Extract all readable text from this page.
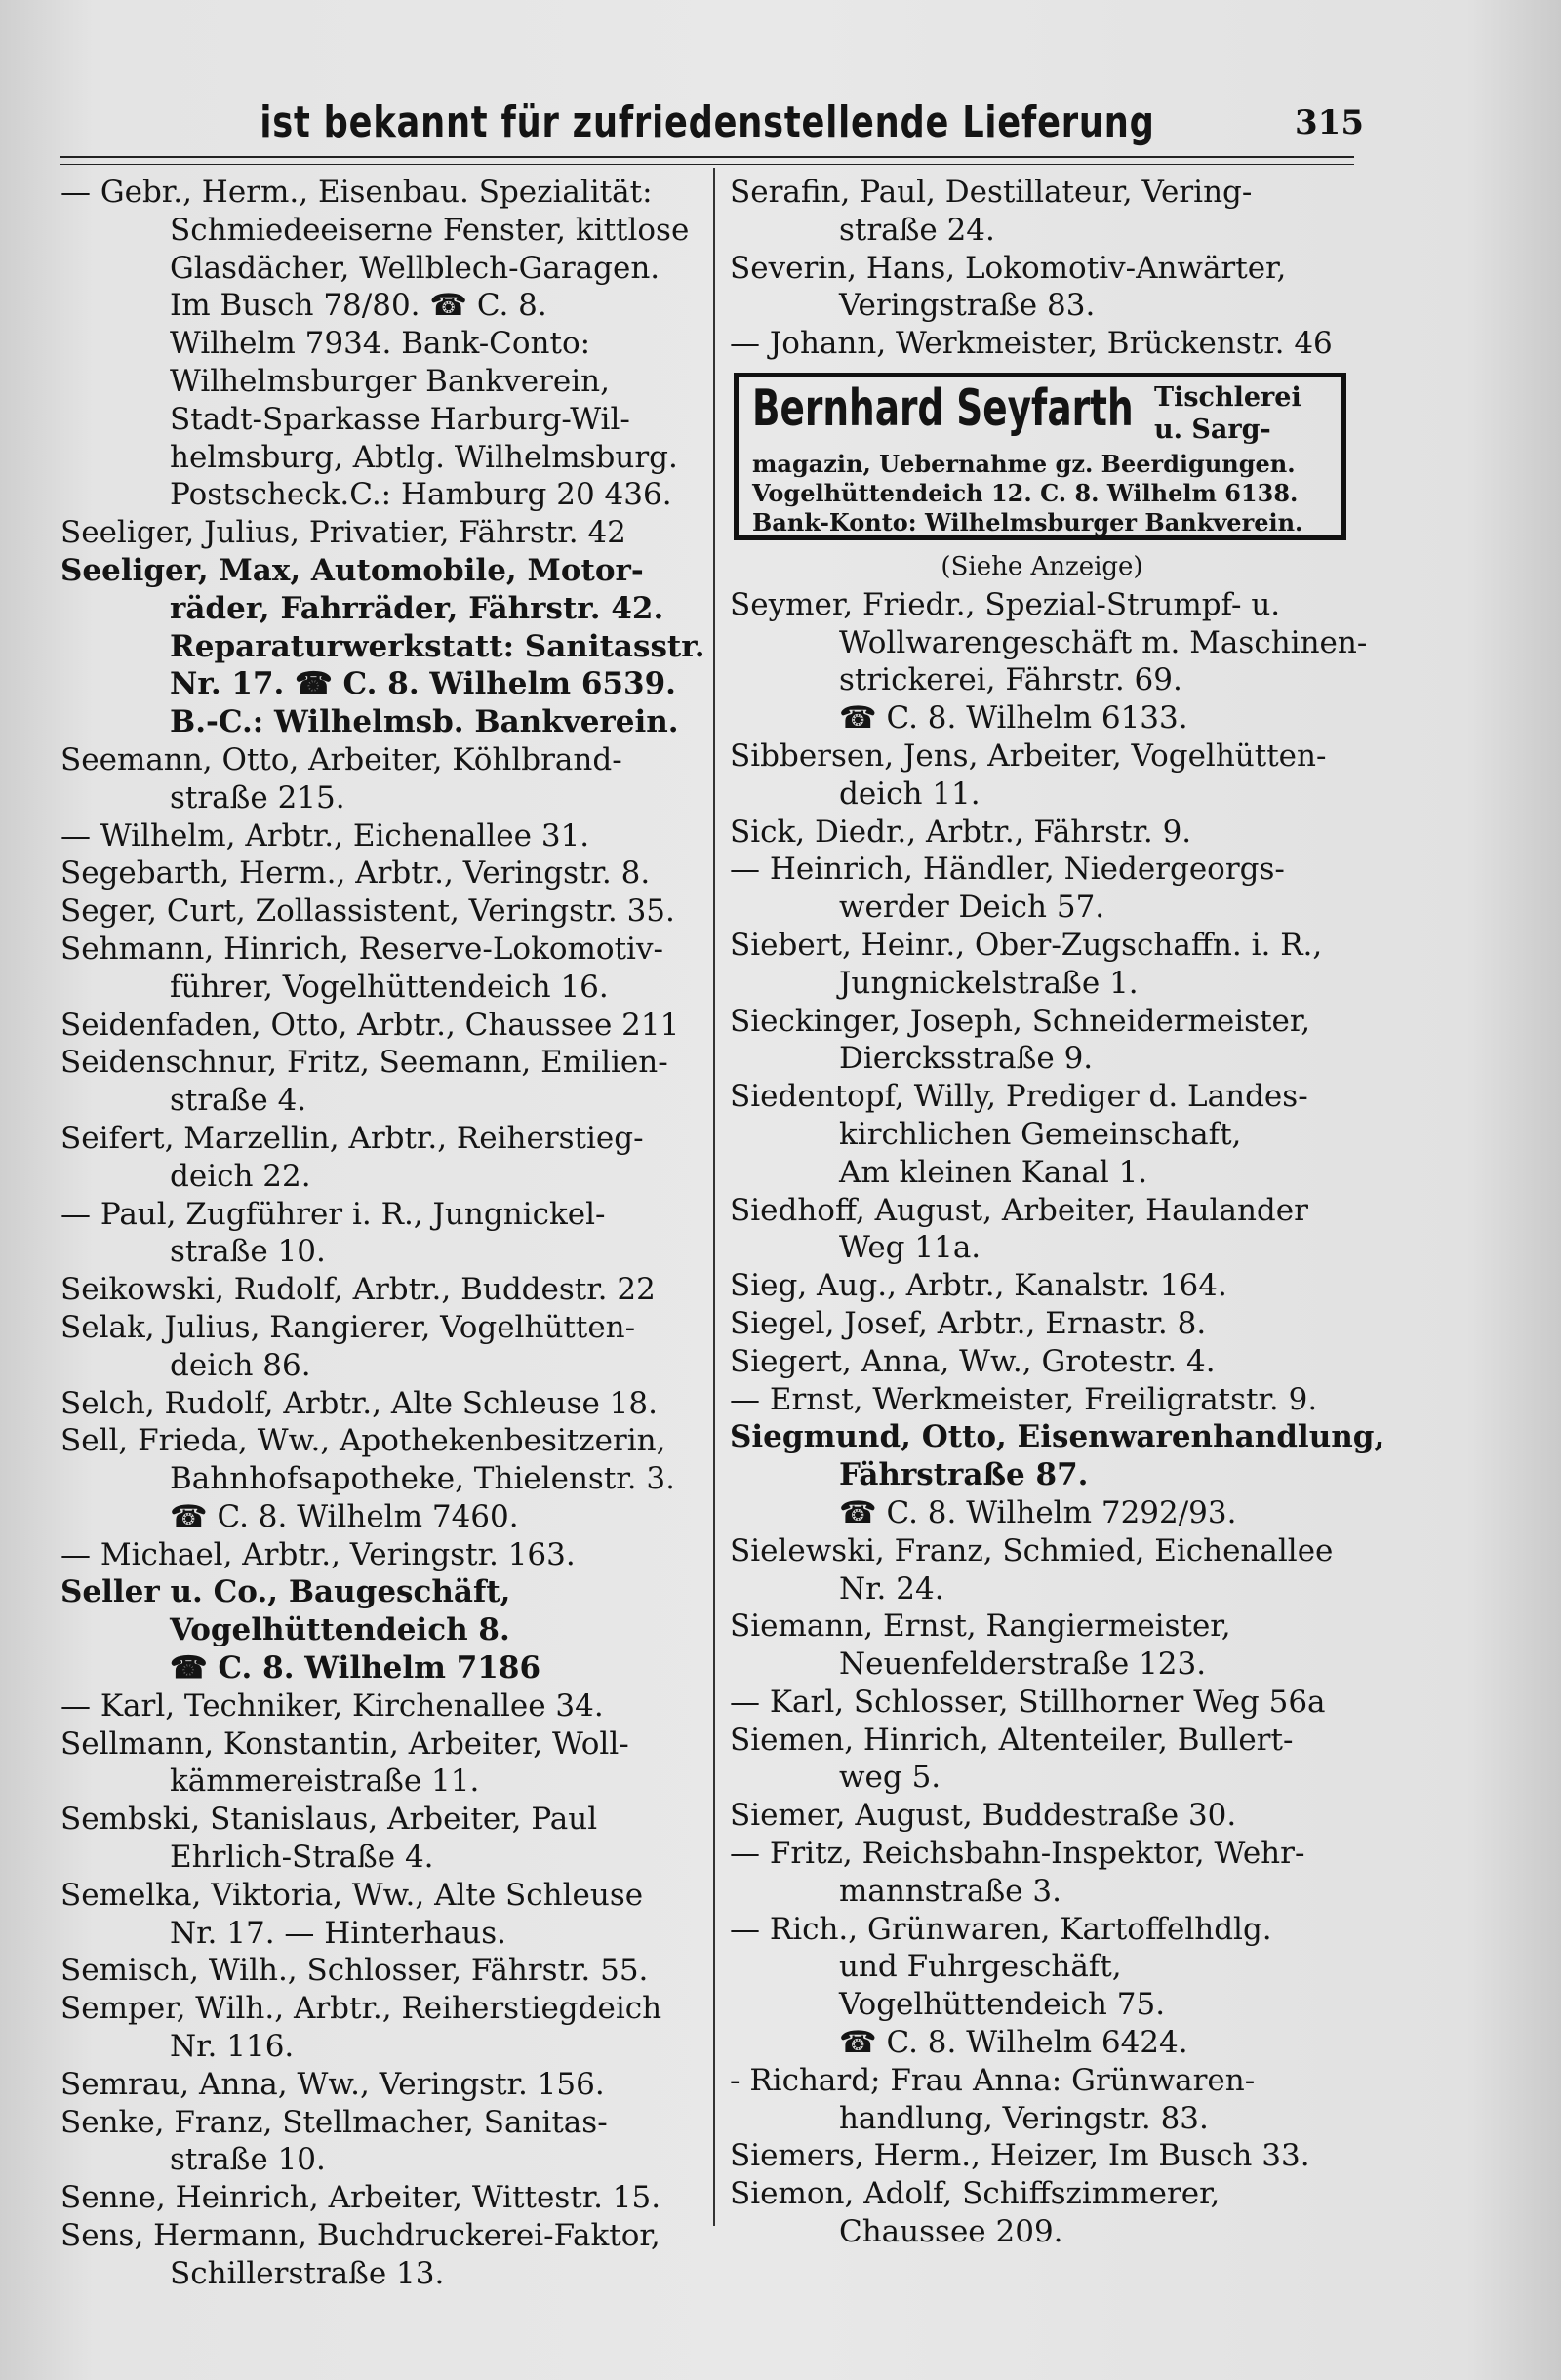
ist bekannt für zufriedenstellende Lieferung	315
— Gebr., Herm., Eisenbau. Spezialität:
Schmiedeeiserne Fenster, kittlose
Glasdächer, Wellblech-Garagen.
Im Busch 78/80. ☎ C. 8.
Wilhelm 7934. Bank-Conto:
Wilhelmsburger Bankverein,
Stadt-Sparkasse Harburg-Wil-
helmsburg, Abtlg. Wilhelmsburg.
Postscheck.C.: Hamburg 20 436.
Seeliger, Julius, Privatier, Fährstr. 42
Seeliger, Max, Automobile, Motor-
räder, Fahrräder, Fährstr. 42.
Reparaturwerkstatt: Sanitasstr.
Nr. 17. ☎ C. 8. Wilhelm 6539.
B.-C.: Wilhelmsb. Bankverein.
Seemann, Otto, Arbeiter, Köhlbrand-
straße 215.
— Wilhelm, Arbtr., Eichenallee 31.
Segebarth, Herm., Arbtr., Veringstr. 8.
Seger, Curt, Zollassistent, Veringstr. 35.
Sehmann, Hinrich, Reserve-Lokomotiv-
führer, Vogelhüttendeich 16.
Seidenfaden, Otto, Arbtr., Chaussee 211
Seidenschnur, Fritz, Seemann, Emilien-
straße 4.
Seifert, Marzellin, Arbtr., Reiherstieg-
deich 22.
— Paul, Zugführer i. R., Jungnickel-
straße 10.
Seikowski, Rudolf, Arbtr., Buddestr. 22
Selak, Julius, Rangierer, Vogelhütten-
deich 86.
Selch, Rudolf, Arbtr., Alte Schleuse 18.
Sell, Frieda, Ww., Apothekenbesitzerin,
Bahnhofsapotheke, Thielenstr. 3.
☎ C. 8. Wilhelm 7460.
— Michael, Arbtr., Veringstr. 163.
Seller u. Co., Baugeschäft,
Vogelhüttendeich 8.
☎ C. 8. Wilhelm 7186
— Karl, Techniker, Kirchenallee 34.
Sellmann, Konstantin, Arbeiter, Woll-
kämmereistraße 11.
Sembski, Stanislaus, Arbeiter, Paul
Ehrlich-Straße 4.
Semelka, Viktoria, Ww., Alte Schleuse
Nr. 17. — Hinterhaus.
Semisch, Wilh., Schlosser, Fährstr. 55.
Semper, Wilh., Arbtr., Reiherstiegdeich
Nr. 116.
Semrau, Anna, Ww., Veringstr. 156.
Senke, Franz, Stellmacher, Sanitas-
straße 10.
Senne, Heinrich, Arbeiter, Wittestr. 15.
Sens, Hermann, Buchdruckerei-Faktor,
Schillerstraße 13.
Serafin, Paul, Destillateur, Vering-
straße 24.
Severin, Hans, Lokomotiv-Anwärter,
Veringstraße 83.
— Johann, Werkmeister, Brückenstr. 46
Bernhard Seyfarth Tischlerei u. Sarg-
magazin, Uebernahme gz. Beerdigungen.
Vogelhüttendeich 12. C. 8. Wilhelm 6138.
Bank-Konto: Wilhelmsburger Bankverein.
(Siehe Anzeige)
Seymer, Friedr., Spezial-Strumpf- u.
Wollwarengeschäft m. Maschinen-
strickerei, Fährstr. 69.
☎ C. 8. Wilhelm 6133.
Sibbersen, Jens, Arbeiter, Vogelhütten-
deich 11.
Sick, Diedr., Arbtr., Fährstr. 9.
— Heinrich, Händler, Niedergeorgs-
werder Deich 57.
Siebert, Heinr., Ober-Zugschaffn. i. R.,
Jungnickelstraße 1.
Sieckinger, Joseph, Schneidermeister,
Diercksstraße 9.
Siedentopf, Willy, Prediger d. Landes-
kirchlichen Gemeinschaft,
Am kleinen Kanal 1.
Siedhoff, August, Arbeiter, Haulander
Weg 11a.
Sieg, Aug., Arbtr., Kanalstr. 164.
Siegel, Josef, Arbtr., Ernastr. 8.
Siegert, Anna, Ww., Grotestr. 4.
— Ernst, Werkmeister, Freiligratstr. 9.
Siegmund, Otto, Eisenwarenhandlung,
Fährstraße 87.
☎ C. 8. Wilhelm 7292/93.
Sielewski, Franz, Schmied, Eichenallee
Nr. 24.
Siemann, Ernst, Rangiermeister,
Neuenfelderstraße 123.
— Karl, Schlosser, Stillhorner Weg 56a
Siemen, Hinrich, Altenteiler, Bullert-
weg 5.
Siemer, August, Buddestraße 30.
— Fritz, Reichsbahn-Inspektor, Wehr-
mannstraße 3.
— Rich., Grünwaren, Kartoffelhdlg.
und Fuhrgeschäft,
Vogelhüttendeich 75.
☎ C. 8. Wilhelm 6424.
- Richard; Frau Anna: Grünwaren-
handlung, Veringstr. 83.
Siemers, Herm., Heizer, Im Busch 33.
Siemon, Adolf, Schiffszimmerer,
Chaussee 209.
